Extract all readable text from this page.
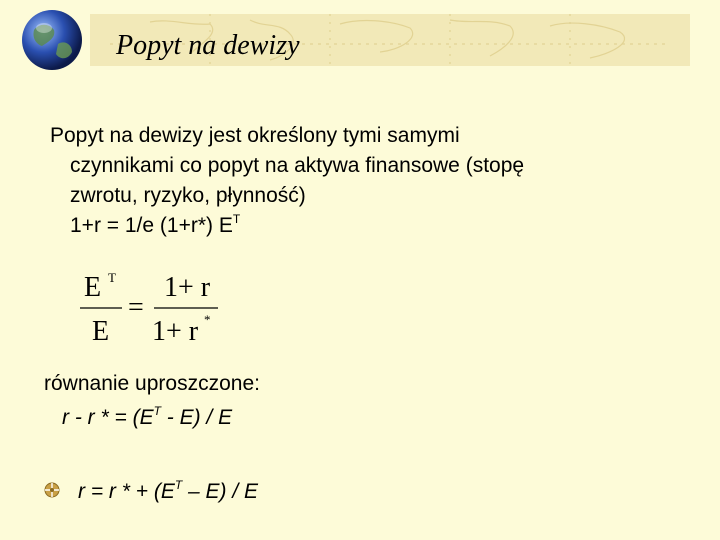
Popyt na dewizy
Popyt na dewizy jest określony tymi samymi
czynnikami co popyt na aktywa finansowe (stopę
zwrotu, ryzyko, płynność)
1+r = 1/e (1+r*) $E^T$
E T
E
=
1+ r
1+ r *
równanie uproszczone:
r - r * = $(E^T - E)$ / E
r = r * + $(E^T - E)$ / E
